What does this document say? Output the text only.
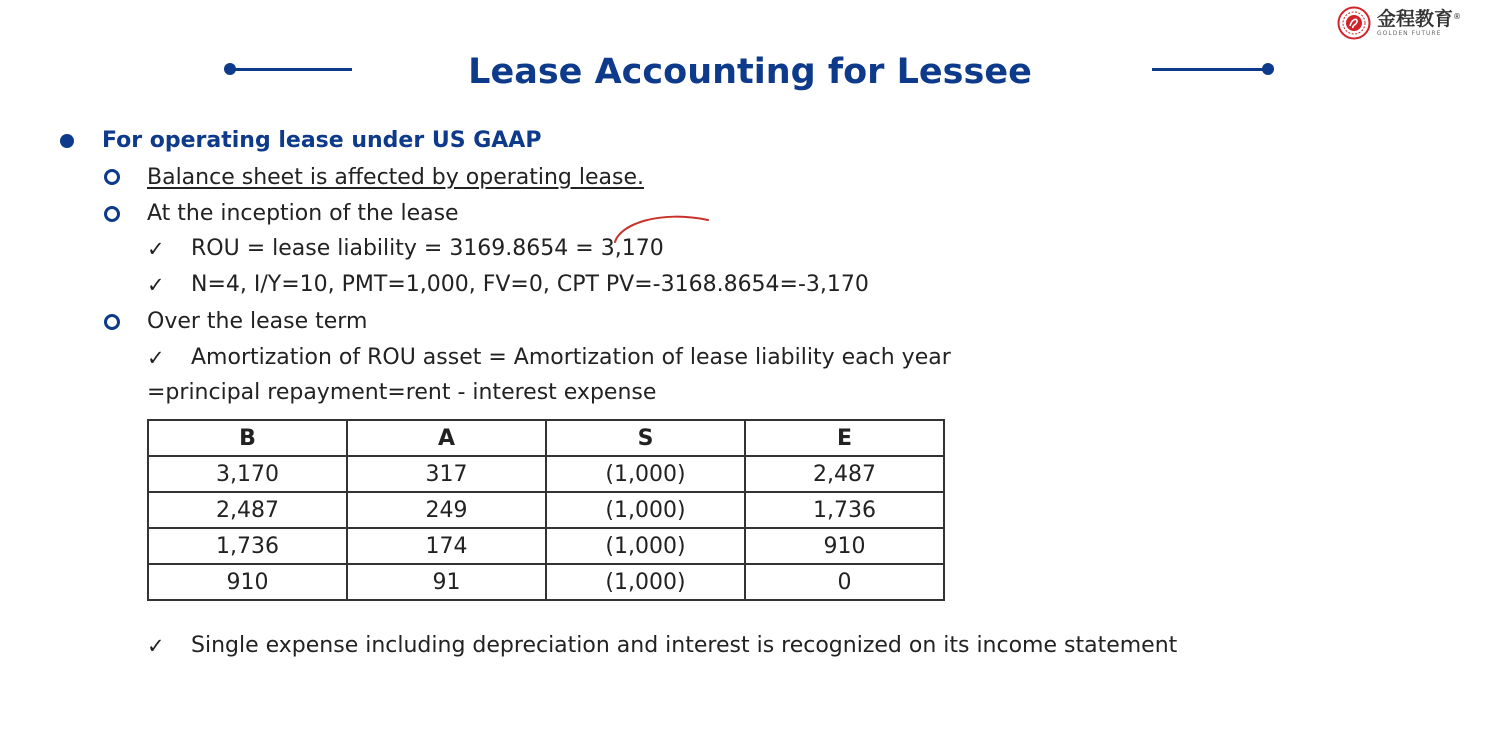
金程教育 ®
GOLDEN FUTURE
Lease Accounting for Lessee
For operating lease under US GAAP
Balance sheet is affected by operating lease.
At the inception of the lease
✓ ROU = lease liability = 3169.8654 = 3,170
✓ N=4, I/Y=10, PMT=1,000, FV=0, CPT PV=-3168.8654=-3,170
Over the lease term
✓ Amortization of ROU asset = Amortization of lease liability each year
=principal repayment=rent - interest expense
B	A	S	E
3,170	317	(1,000)	2,487
2,487	249	(1,000)	1,736
1,736	174	(1,000)	910
910	91	(1,000)	0
✓ Single expense including depreciation and interest is recognized on its income statement
